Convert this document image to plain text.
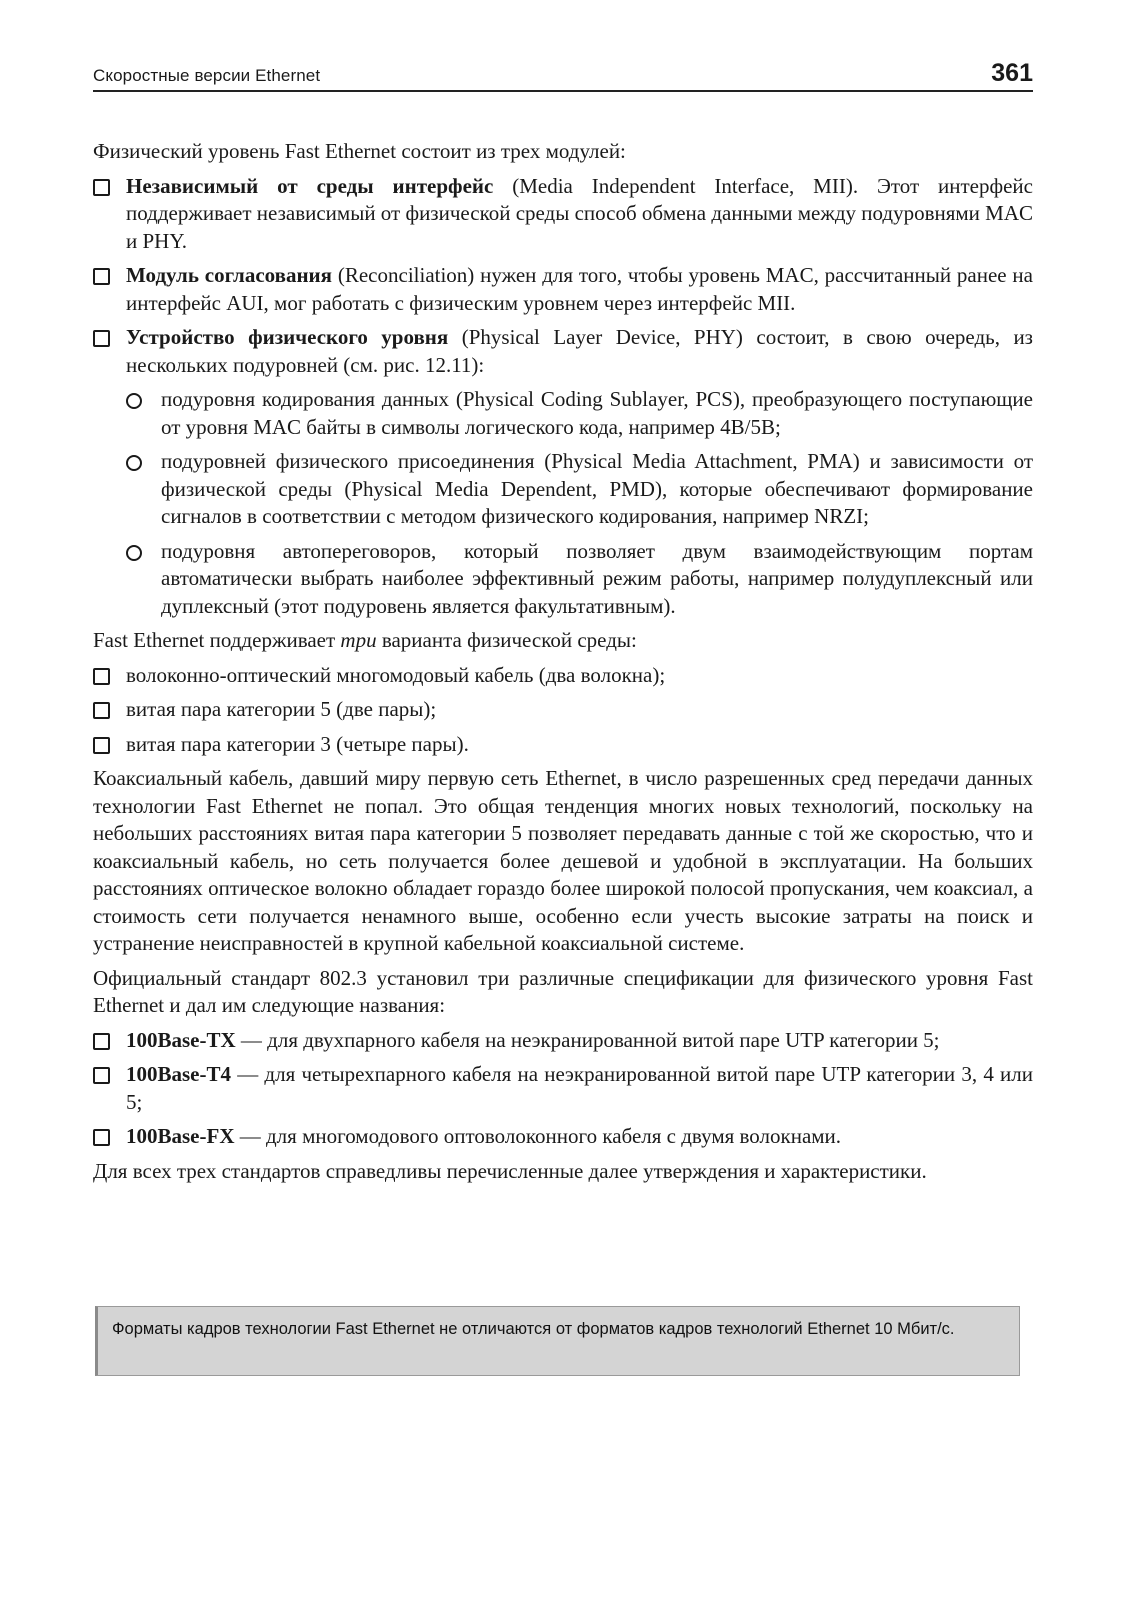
Скоростные версии Ethernet	361

Физический уровень Fast Ethernet состоит из трех модулей:

Независимый от среды интерфейс (Media Independent Interface, MII). Этот интерфейс поддерживает независимый от физической среды способ обмена данными между подуровнями MAC и PHY.
Модуль согласования (Reconciliation) нужен для того, чтобы уровень MAC, рассчитанный ранее на интерфейс AUI, мог работать с физическим уровнем через интерфейс MII.
Устройство физического уровня (Physical Layer Device, PHY) состоит, в свою очередь, из нескольких подуровней (см. рис. 12.11):
подуровня кодирования данных (Physical Coding Sublayer, PCS), преобразующего поступающие от уровня MAC байты в символы логического кода, например 4B/5B;
подуровней физического присоединения (Physical Media Attachment, PMA) и зависимости от физической среды (Physical Media Dependent, PMD), которые обеспечивают формирование сигналов в соответствии с методом физического кодирования, например NRZI;
подуровня автопереговоров, который позволяет двум взаимодействующим портам автоматически выбрать наиболее эффективный режим работы, например полудуплексный или дуплексный (этот подуровень является факультативным).

Fast Ethernet поддерживает три варианта физической среды:

волоконно-оптический многомодовый кабель (два волокна);
витая пара категории 5 (две пары);
витая пара категории 3 (четыре пары).

Коаксиальный кабель, давший миру первую сеть Ethernet, в число разрешенных сред передачи данных технологии Fast Ethernet не попал. Это общая тенденция многих новых технологий, поскольку на небольших расстояниях витая пара категории 5 позволяет передавать данные с той же скоростью, что и коаксиальный кабель, но сеть получается более дешевой и удобной в эксплуатации. На больших расстояниях оптическое волокно обладает гораздо более широкой полосой пропускания, чем коаксиал, а стоимость сети получается ненамного выше, особенно если учесть высокие затраты на поиск и устранение неисправностей в крупной кабельной коаксиальной системе.

Официальный стандарт 802.3 установил три различные спецификации для физического уровня Fast Ethernet и дал им следующие названия:

100Base-TX — для двухпарного кабеля на неэкранированной витой паре UTP категории 5;
100Base-T4 — для четырехпарного кабеля на неэкранированной витой паре UTP категории 3, 4 или 5;
100Base-FX — для многомодового оптоволоконного кабеля с двумя волокнами.

Для всех трех стандартов справедливы перечисленные далее утверждения и характеристики.

Форматы кадров технологии Fast Ethernet не отличаются от форматов кадров технологий Ethernet 10 Мбит/с.
